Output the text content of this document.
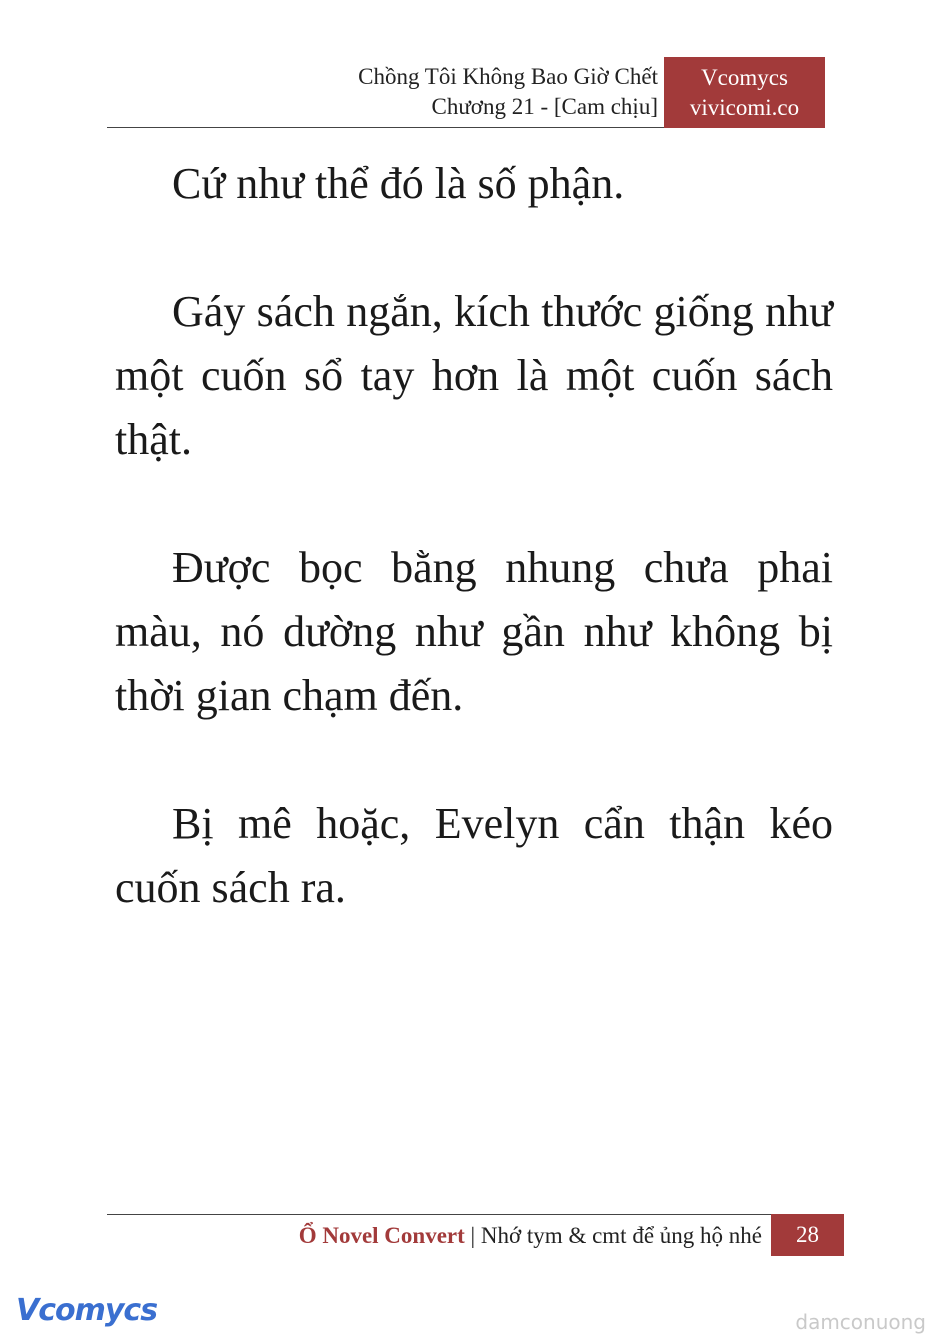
Chồng Tôi Không Bao Giờ Chết
Chương 21 - [Cam chịu]
Vcomycs
vivicomi.co

Cứ như thể đó là số phận.

Gáy sách ngắn, kích thước giống như một cuốn sổ tay hơn là một cuốn sách thật.

Được bọc bằng nhung chưa phai màu, nó dường như gần như không bị thời gian chạm đến.

Bị mê hoặc, Evelyn cẩn thận kéo cuốn sách ra.

Ổ Novel Convert | Nhớ tym & cmt để ủng hộ nhé	28
Vcomycs	damconuong
